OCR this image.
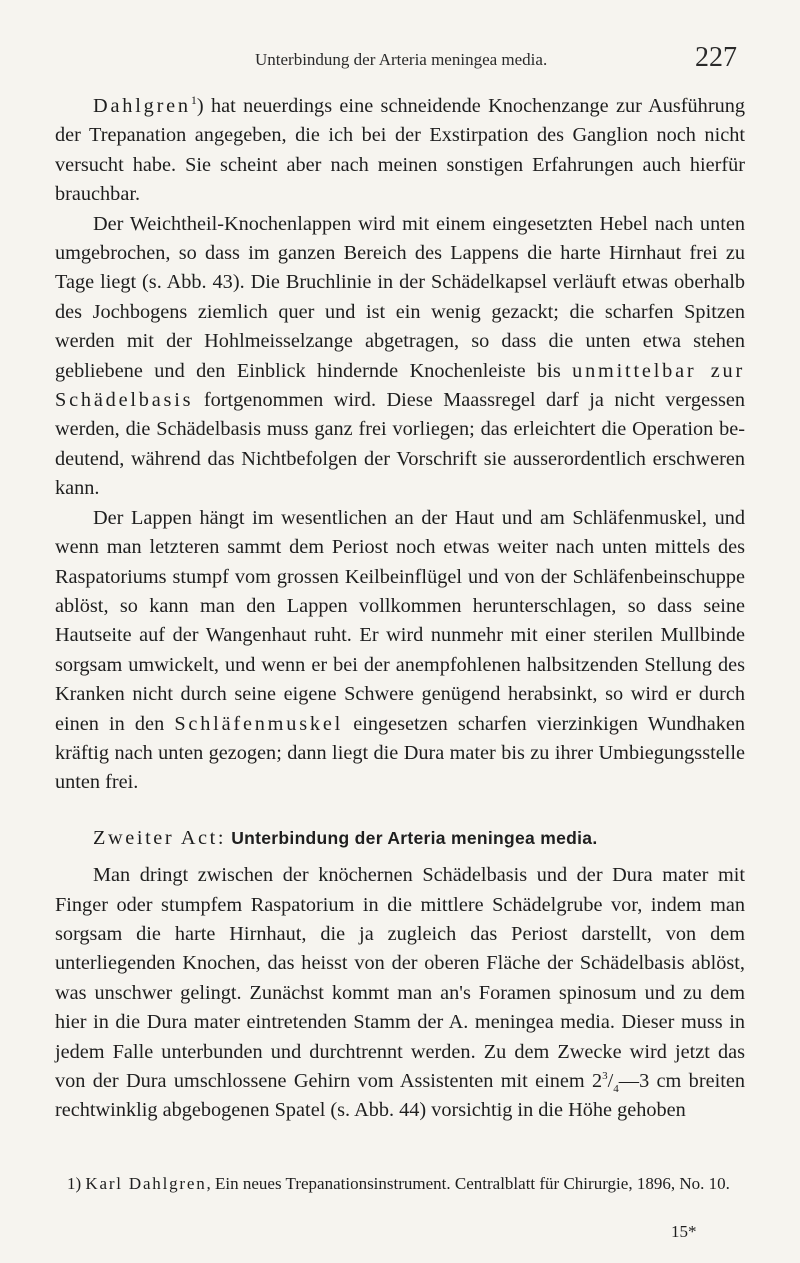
Unterbindung der Arteria meningea media.	227

Dahlgren$^1$) hat neuerdings eine schneidende Knochenzange zur Ausführung der Trepanation angegeben, die ich bei der Exstirpation des Ganglion noch nicht versucht habe. Sie scheint aber nach meinen sonstigen Erfahrungen auch hierfür brauchbar.

Der Weichtheil-Knochenlappen wird mit einem eingesetzten Hebel nach unten umgebrochen, so dass im ganzen Bereich des Lappens die harte Hirnhaut frei zu Tage liegt (s. Abb. 43). Die Bruchlinie in der Schädelkapsel verläuft etwas oberhalb des Jochbogens ziemlich quer und ist ein wenig gezackt; die scharfen Spitzen werden mit der Hohlmeisselzange abgetragen, so dass die unten etwa stehen gebliebene und den Einblick hindernde Knochenleiste bis unmittelbar zur Schädelbasis fortgenommen wird. Diese Maassregel darf ja nicht vergessen werden, die Schädelbasis muss ganz frei vorliegen; das erleichtert die Operation bedeutend, während das Nichtbefolgen der Vorschrift sie ausserordentlich erschweren kann.

Der Lappen hängt im wesentlichen an der Haut und am Schläfenmuskel, und wenn man letzteren sammt dem Periost noch etwas weiter nach unten mittels des Raspatoriums stumpf vom grossen Keilbeinflügel und von der Schläfenbeinschuppe ablöst, so kann man den Lappen vollkommen herunterschlagen, so dass seine Hautseite auf der Wangenhaut ruht. Er wird nunmehr mit einer sterilen Mullbinde sorgsam umwickelt, und wenn er bei der anempfohlenen halbsitzenden Stellung des Kranken nicht durch seine eigene Schwere genügend herabsinkt, so wird er durch einen in den Schläfenmuskel eingesetzen scharfen vierzinkigen Wundhaken kräftig nach unten gezogen; dann liegt die Dura mater bis zu ihrer Umbiegungsstelle unten frei.

Zweiter Act: Unterbindung der Arteria meningea media.

Man dringt zwischen der knöchernen Schädelbasis und der Dura mater mit Finger oder stumpfem Raspatorium in die mittlere Schädelgrube vor, indem man sorgsam die harte Hirnhaut, die ja zugleich das Periost darstellt, von dem unterliegenden Knochen, das heisst von der oberen Fläche der Schädelbasis ablöst, was unschwer gelingt. Zunächst kommt man an's Foramen spinosum und zu dem hier in die Dura mater eintretenden Stamm der A. meningea media. Dieser muss in jedem Falle unterbunden und durchtrennt werden. Zu dem Zwecke wird jetzt das von der Dura umschlossene Gehirn vom Assistenten mit einem $2^3/_4—3$ cm breiten rechtwinklig abgebogenen Spatel (s. Abb. 44) vorsichtig in die Höhe gehoben

1) Karl Dahlgren, Ein neues Trepanationsinstrument. Centralblatt für Chirurgie, 1896, No. 10.
15*
